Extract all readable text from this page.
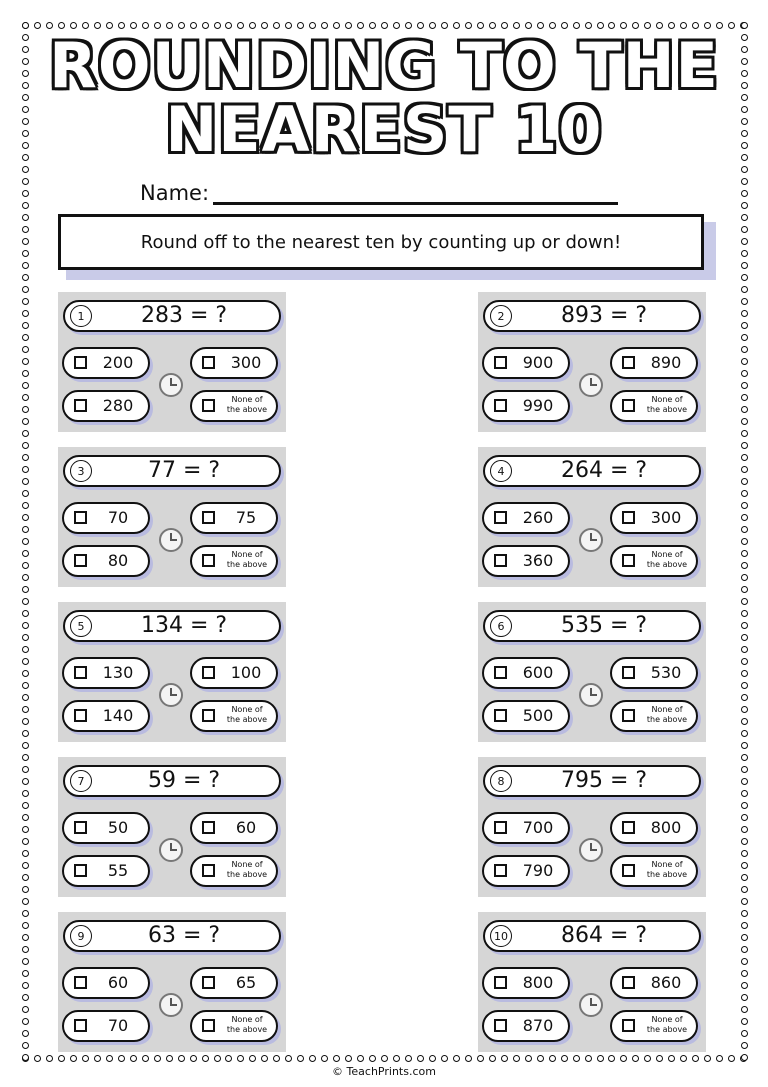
ROUNDING TO THE
NEAREST 10
Name:
Round off to the nearest ten by counting up or down!
1	283 = ?
200	300
280	None of
the above
2	893 = ?
900	890
990	None of
the above
3	77 = ?
70	75
80	None of
the above
4	264 = ?
260	300
360	None of
the above
5	134 = ?
130	100
140	None of
the above
6	535 = ?
600	530
500	None of
the above
7	59 = ?
50	60
55	None of
the above
8	795 = ?
700	800
790	None of
the above
9	63 = ?
60	65
70	None of
the above
10	864 = ?
800	860
870	None of
the above
© TeachPrints.com
